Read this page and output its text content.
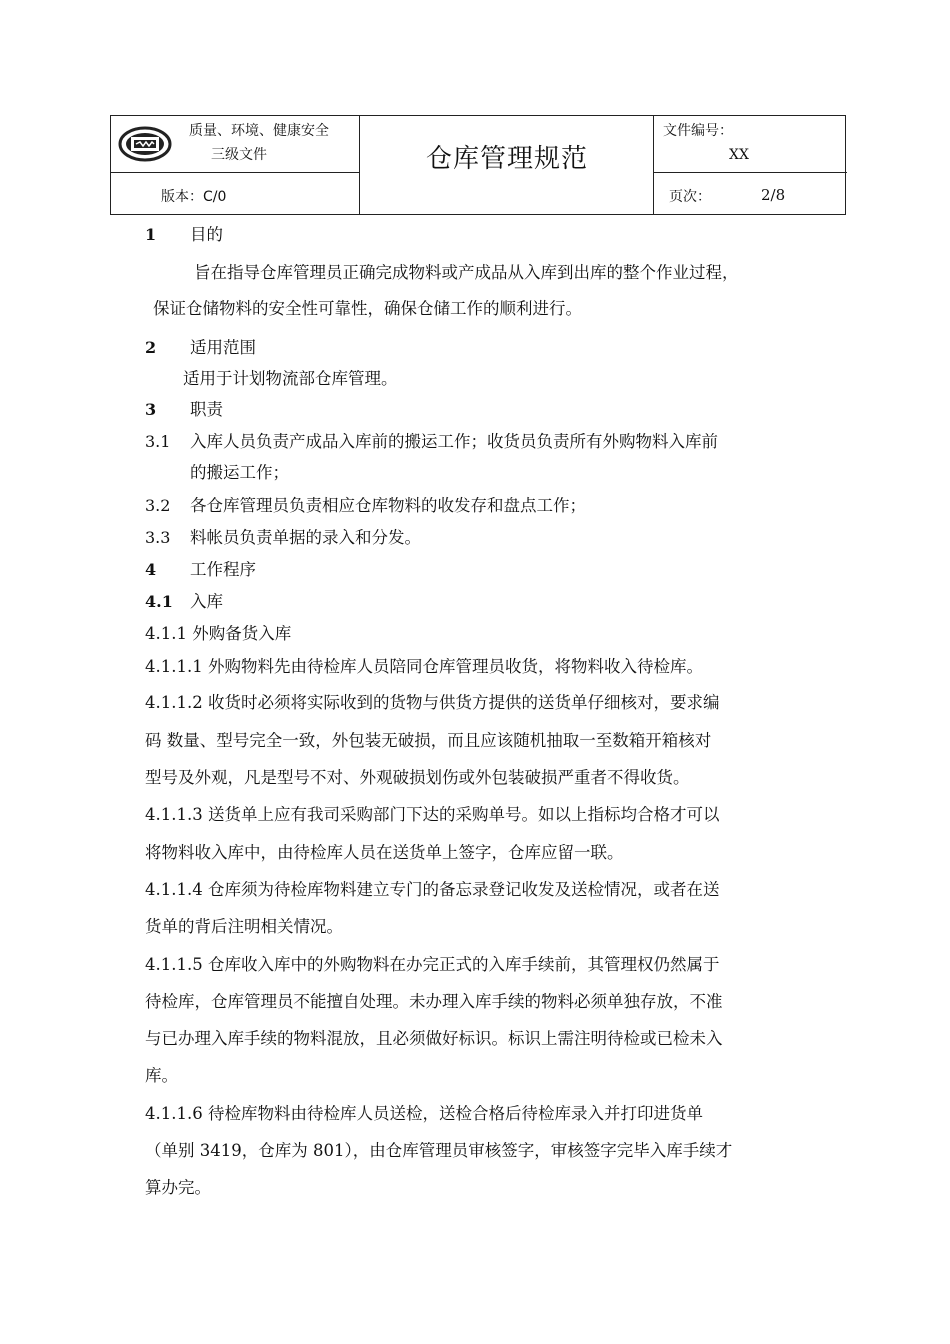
质量、环境、健康安全
三级文件
版本：C/0
仓库管理规范
文件编号：
XX
页次：	2/8
1 目的
旨在指导仓库管理员正确完成物料或产成品从入库到出库的整个作业过程，
保证仓储物料的安全性可靠性，确保仓储工作的顺利进行。
2 适用范围
适用于计划物流部仓库管理。
3 职责
3.1 入库人员负责产成品入库前的搬运工作；收货员负责所有外购物料入库前
的搬运工作；
3.2 各仓库管理员负责相应仓库物料的收发存和盘点工作；
3.3 料帐员负责单据的录入和分发。
4 工作程序
4.1 入库
4.1.1 外购备货入库
4.1.1.1 外购物料先由待检库人员陪同仓库管理员收货，将物料收入待检库。
4.1.1.2 收货时必须将实际收到的货物与供货方提供的送货单仔细核对，要求编
码 数量、型号完全一致，外包装无破损，而且应该随机抽取一至数箱开箱核对
型号及外观，凡是型号不对、外观破损划伤或外包装破损严重者不得收货。
4.1.1.3 送货单上应有我司采购部门下达的采购单号。如以上指标均合格才可以
将物料收入库中，由待检库人员在送货单上签字，仓库应留一联。
4.1.1.4 仓库须为待检库物料建立专门的备忘录登记收发及送检情况，或者在送
货单的背后注明相关情况。
4.1.1.5 仓库收入库中的外购物料在办完正式的入库手续前，其管理权仍然属于
待检库，仓库管理员不能擅自处理。未办理入库手续的物料必须单独存放，不准
与已办理入库手续的物料混放，且必须做好标识。标识上需注明待检或已检未入
库。
4.1.1.6 待检库物料由待检库人员送检，送检合格后待检库录入并打印进货单
（单别 3419，仓库为 801），由仓库管理员审核签字，审核签字完毕入库手续才
算办完。
